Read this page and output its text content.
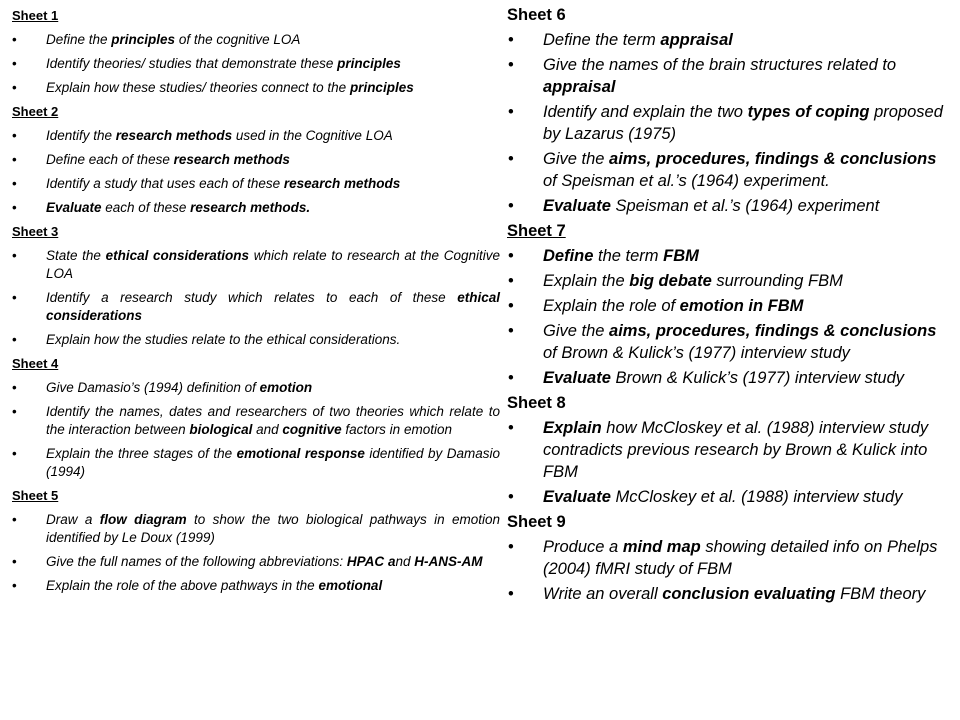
Sheet 1
• Define the principles of the cognitive LOA
• Identify theories/ studies that demonstrate these principles
• Explain how these studies/ theories connect to the principles
Sheet 2
• Identify the research methods used in the Cognitive LOA
• Define each of these research methods
• Identify a study that uses each of these research methods
• Evaluate each of these research methods.
Sheet 3
• State the ethical considerations which relate to research at the Cognitive LOA
• Identify a research study which relates to each of these ethical considerations
• Explain how the studies relate to the ethical considerations.
Sheet 4
• Give Damasio’s (1994) definition of emotion
• Identify the names, dates and researchers of two theories which relate to the interaction between biological and cognitive factors in emotion
• Explain the three stages of the emotional response identified by Damasio (1994)
Sheet 5
• Draw a flow diagram to show the two biological pathways in emotion identified by Le Doux (1999)
• Give the full names of the following abbreviations: HPAC and H-ANS-AM
• Explain the role of the above pathways in the emotional
Sheet 6
• Define the term appraisal
• Give the names of the brain structures related to appraisal
• Identify and explain the two types of coping proposed by Lazarus (1975)
• Give the aims, procedures, findings & conclusions of Speisman et al.’s (1964) experiment.
• Evaluate Speisman et al.’s (1964) experiment
Sheet 7
• Define the term FBM
• Explain the big debate surrounding FBM
• Explain the role of emotion in FBM
• Give the aims, procedures, findings & conclusions of Brown & Kulick’s (1977) interview study
• Evaluate Brown & Kulick’s (1977) interview study
Sheet 8
• Explain how McCloskey et al. (1988) interview study contradicts previous research by Brown & Kulick into FBM
• Evaluate McCloskey et al. (1988) interview study
Sheet 9
• Produce a mind map showing detailed info on Phelps (2004) fMRI study of FBM
• Write an overall conclusion evaluating FBM theory
